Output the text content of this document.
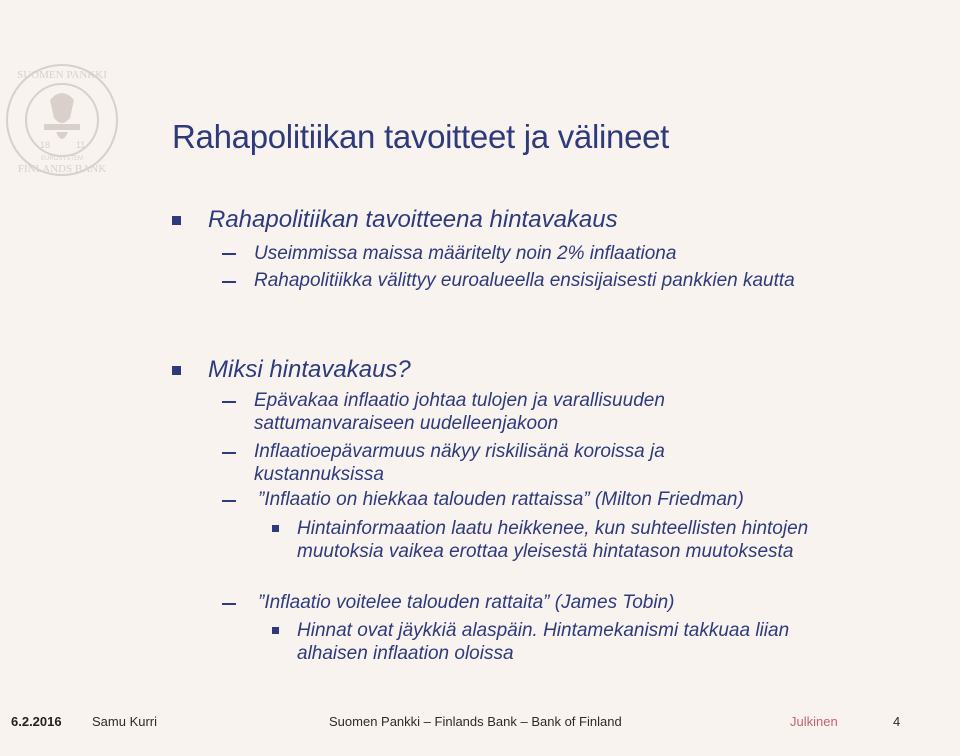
SUOMEN PANKKI
FINLANDS BANK
18	11
EUROSYSTEM
Rahapolitiikan tavoitteet ja välineet
Rahapolitiikan tavoitteena hintavakaus
Useimmissa maissa määritelty noin 2% inflaationa
Rahapolitiikka välittyy euroalueella ensisijaisesti pankkien kautta
Miksi hintavakaus?
Epävakaa inflaatio johtaa tulojen ja varallisuuden sattumanvaraiseen uudelleenjakoon
Inflaatioepävarmuus näkyy riskilisänä koroissa ja kustannuksissa
”Inflaatio on hiekkaa talouden rattaissa” (Milton Friedman)
Hintainformaation laatu heikkenee, kun suhteellisten hintojen muutoksia vaikea erottaa yleisestä hintatason muutoksesta
”Inflaatio voitelee talouden rattaita” (James Tobin)
Hinnat ovat jäykkiä alaspäin. Hintamekanismi takkuaa liian alhaisen inflaation oloissa
6.2.2016 Samu Kurri	Suomen Pankki – Finlands Bank – Bank of Finland	Julkinen	4
